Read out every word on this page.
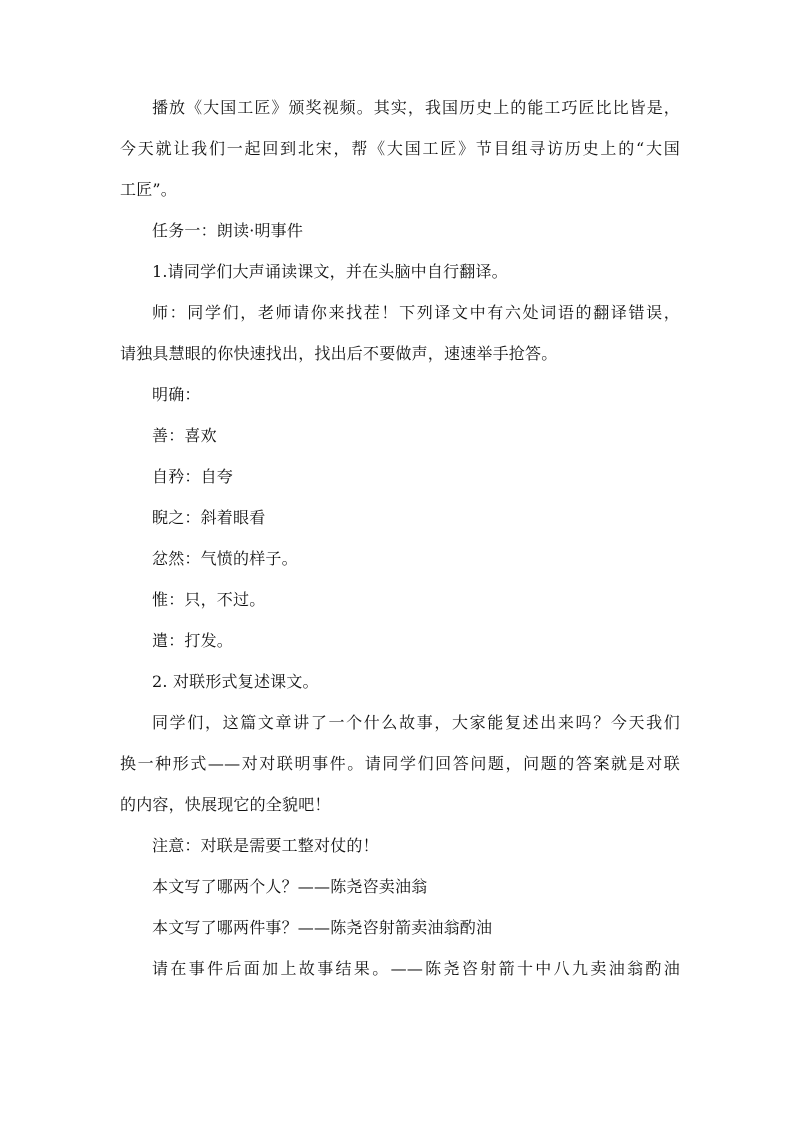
播放《大国工匠》颁奖视频。其实，我国历史上的能工巧匠比比皆是，
今天就让我们一起回到北宋，帮《大国工匠》节目组寻访历史上的“大国
工匠”。
任务一：朗读·明事件
1.请同学们大声诵读课文，并在头脑中自行翻译。
师：同学们，老师请你来找茬！下列译文中有六处词语的翻译错误，
请独具慧眼的你快速找出，找出后不要做声，速速举手抢答。
明确：
善：喜欢
自矜：自夸
睨之：斜着眼看
忿然：气愤的样子。
惟：只，不过。
遣：打发。
2. 对联形式复述课文。
同学们，这篇文章讲了一个什么故事，大家能复述出来吗？今天我们
换一种形式——对对联明事件。请同学们回答问题，问题的答案就是对联
的内容，快展现它的全貌吧！
注意：对联是需要工整对仗的！
本文写了哪两个人？——陈尧咨卖油翁
本文写了哪两件事？——陈尧咨射箭卖油翁酌油
请在事件后面加上故事结果。——陈尧咨射箭十中八九卖油翁酌油
